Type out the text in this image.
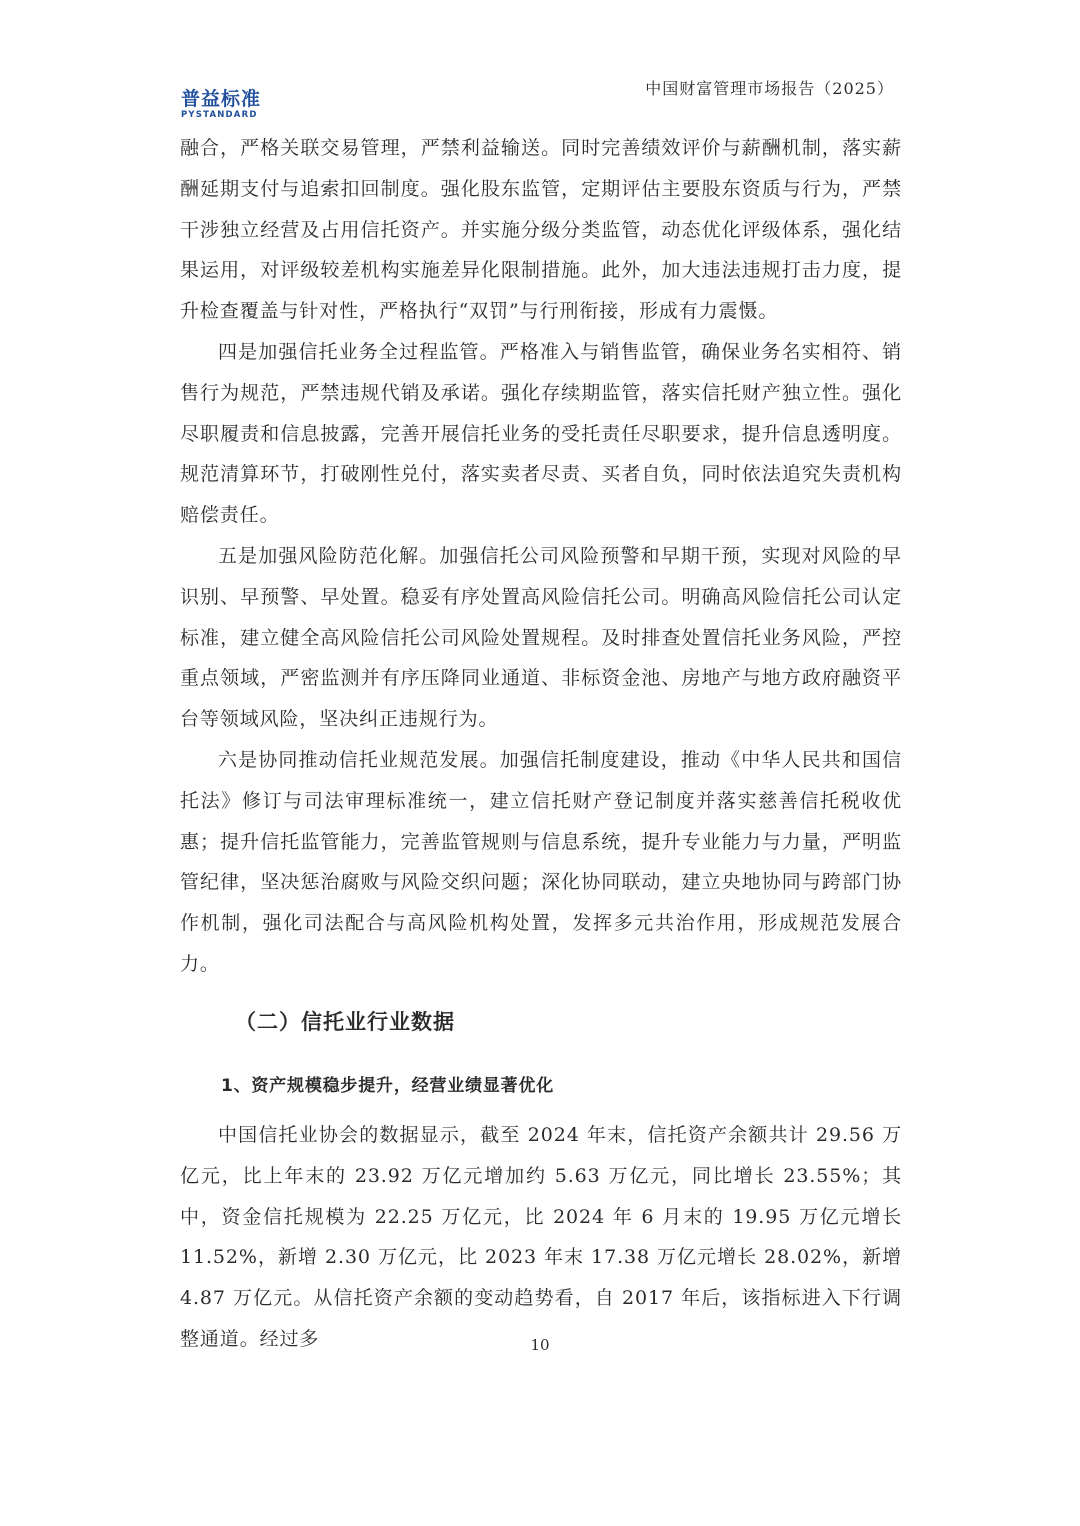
普益标准
PYSTANDARD
中国财富管理市场报告（2025）

融合，严格关联交易管理，严禁利益输送。同时完善绩效评价与薪酬机制，落实薪酬延期支付与追索扣回制度。强化股东监管，定期评估主要股东资质与行为，严禁干涉独立经营及占用信托资产。并实施分级分类监管，动态优化评级体系，强化结果运用，对评级较差机构实施差异化限制措施。此外，加大违法违规打击力度，提升检查覆盖与针对性，严格执行“双罚”与行刑衔接，形成有力震慑。

四是加强信托业务全过程监管。严格准入与销售监管，确保业务名实相符、销售行为规范，严禁违规代销及承诺。强化存续期监管，落实信托财产独立性。强化尽职履责和信息披露，完善开展信托业务的受托责任尽职要求，提升信息透明度。规范清算环节，打破刚性兑付，落实卖者尽责、买者自负，同时依法追究失责机构赔偿责任。

五是加强风险防范化解。加强信托公司风险预警和早期干预，实现对风险的早识别、早预警、早处置。稳妥有序处置高风险信托公司。明确高风险信托公司认定标准，建立健全高风险信托公司风险处置规程。及时排查处置信托业务风险，严控重点领域，严密监测并有序压降同业通道、非标资金池、房地产与地方政府融资平台等领域风险，坚决纠正违规行为。

六是协同推动信托业规范发展。加强信托制度建设，推动《中华人民共和国信托法》修订与司法审理标准统一，建立信托财产登记制度并落实慈善信托税收优惠；提升信托监管能力，完善监管规则与信息系统，提升专业能力与力量，严明监管纪律，坚决惩治腐败与风险交织问题；深化协同联动，建立央地协同与跨部门协作机制，强化司法配合与高风险机构处置，发挥多元共治作用，形成规范发展合力。

（二）信托业行业数据
1、资产规模稳步提升，经营业绩显著优化

中国信托业协会的数据显示，截至 2024 年末，信托资产余额共计 29.56 万亿元，比上年末的 23.92 万亿元增加约 5.63 万亿元，同比增长 23.55%；其中，资金信托规模为 22.25 万亿元，比 2024 年 6 月末的 19.95 万亿元增长 11.52%，新增 2.30 万亿元，比 2023 年末 17.38 万亿元增长 28.02%，新增 4.87 万亿元。从信托资产余额的变动趋势看，自 2017 年后，该指标进入下行调整通道。经过多	10
